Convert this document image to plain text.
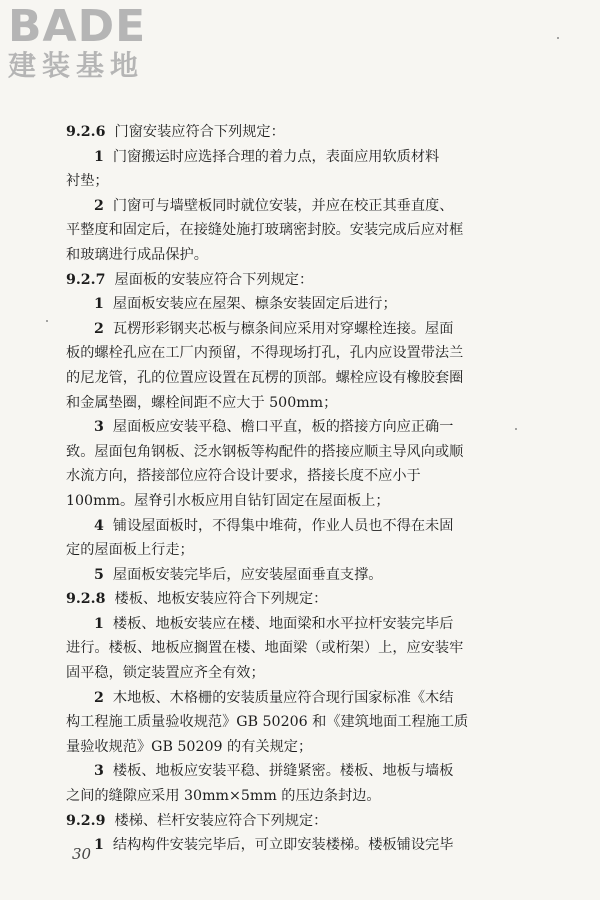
BADE
建装基地
9.2.6 门窗安装应符合下列规定：
1 门窗搬运时应选择合理的着力点，表面应用软质材料
衬垫；
2 门窗可与墙壁板同时就位安装，并应在校正其垂直度、
平整度和固定后，在接缝处施打玻璃密封胶。安装完成后应对框
和玻璃进行成品保护。
9.2.7 屋面板的安装应符合下列规定：
1 屋面板安装应在屋架、檩条安装固定后进行；
2 瓦楞形彩钢夹芯板与檩条间应采用对穿螺栓连接。屋面
板的螺栓孔应在工厂内预留，不得现场打孔，孔内应设置带法兰
的尼龙管，孔的位置应设置在瓦楞的顶部。螺栓应设有橡胶套圈
和金属垫圈，螺栓间距不应大于 500mm；
3 屋面板应安装平稳、檐口平直，板的搭接方向应正确一
致。屋面包角钢板、泛水钢板等构配件的搭接应顺主导风向或顺
水流方向，搭接部位应符合设计要求，搭接长度不应小于
100mm。屋脊引水板应用自钻钉固定在屋面板上；
4 铺设屋面板时，不得集中堆荷，作业人员也不得在未固
定的屋面板上行走；
5 屋面板安装完毕后，应安装屋面垂直支撑。
9.2.8 楼板、地板安装应符合下列规定：
1 楼板、地板安装应在楼、地面梁和水平拉杆安装完毕后
进行。楼板、地板应搁置在楼、地面梁（或桁架）上，应安装牢
固平稳，锁定装置应齐全有效；
2 木地板、木格栅的安装质量应符合现行国家标准《木结
构工程施工质量验收规范》GB 50206 和《建筑地面工程施工质
量验收规范》GB 50209 的有关规定；
3 楼板、地板应安装平稳、拼缝紧密。楼板、地板与墙板
之间的缝隙应采用 30mm×5mm 的压边条封边。
9.2.9 楼梯、栏杆安装应符合下列规定：
1 结构构件安装完毕后，可立即安装楼梯。楼板铺设完毕
30
